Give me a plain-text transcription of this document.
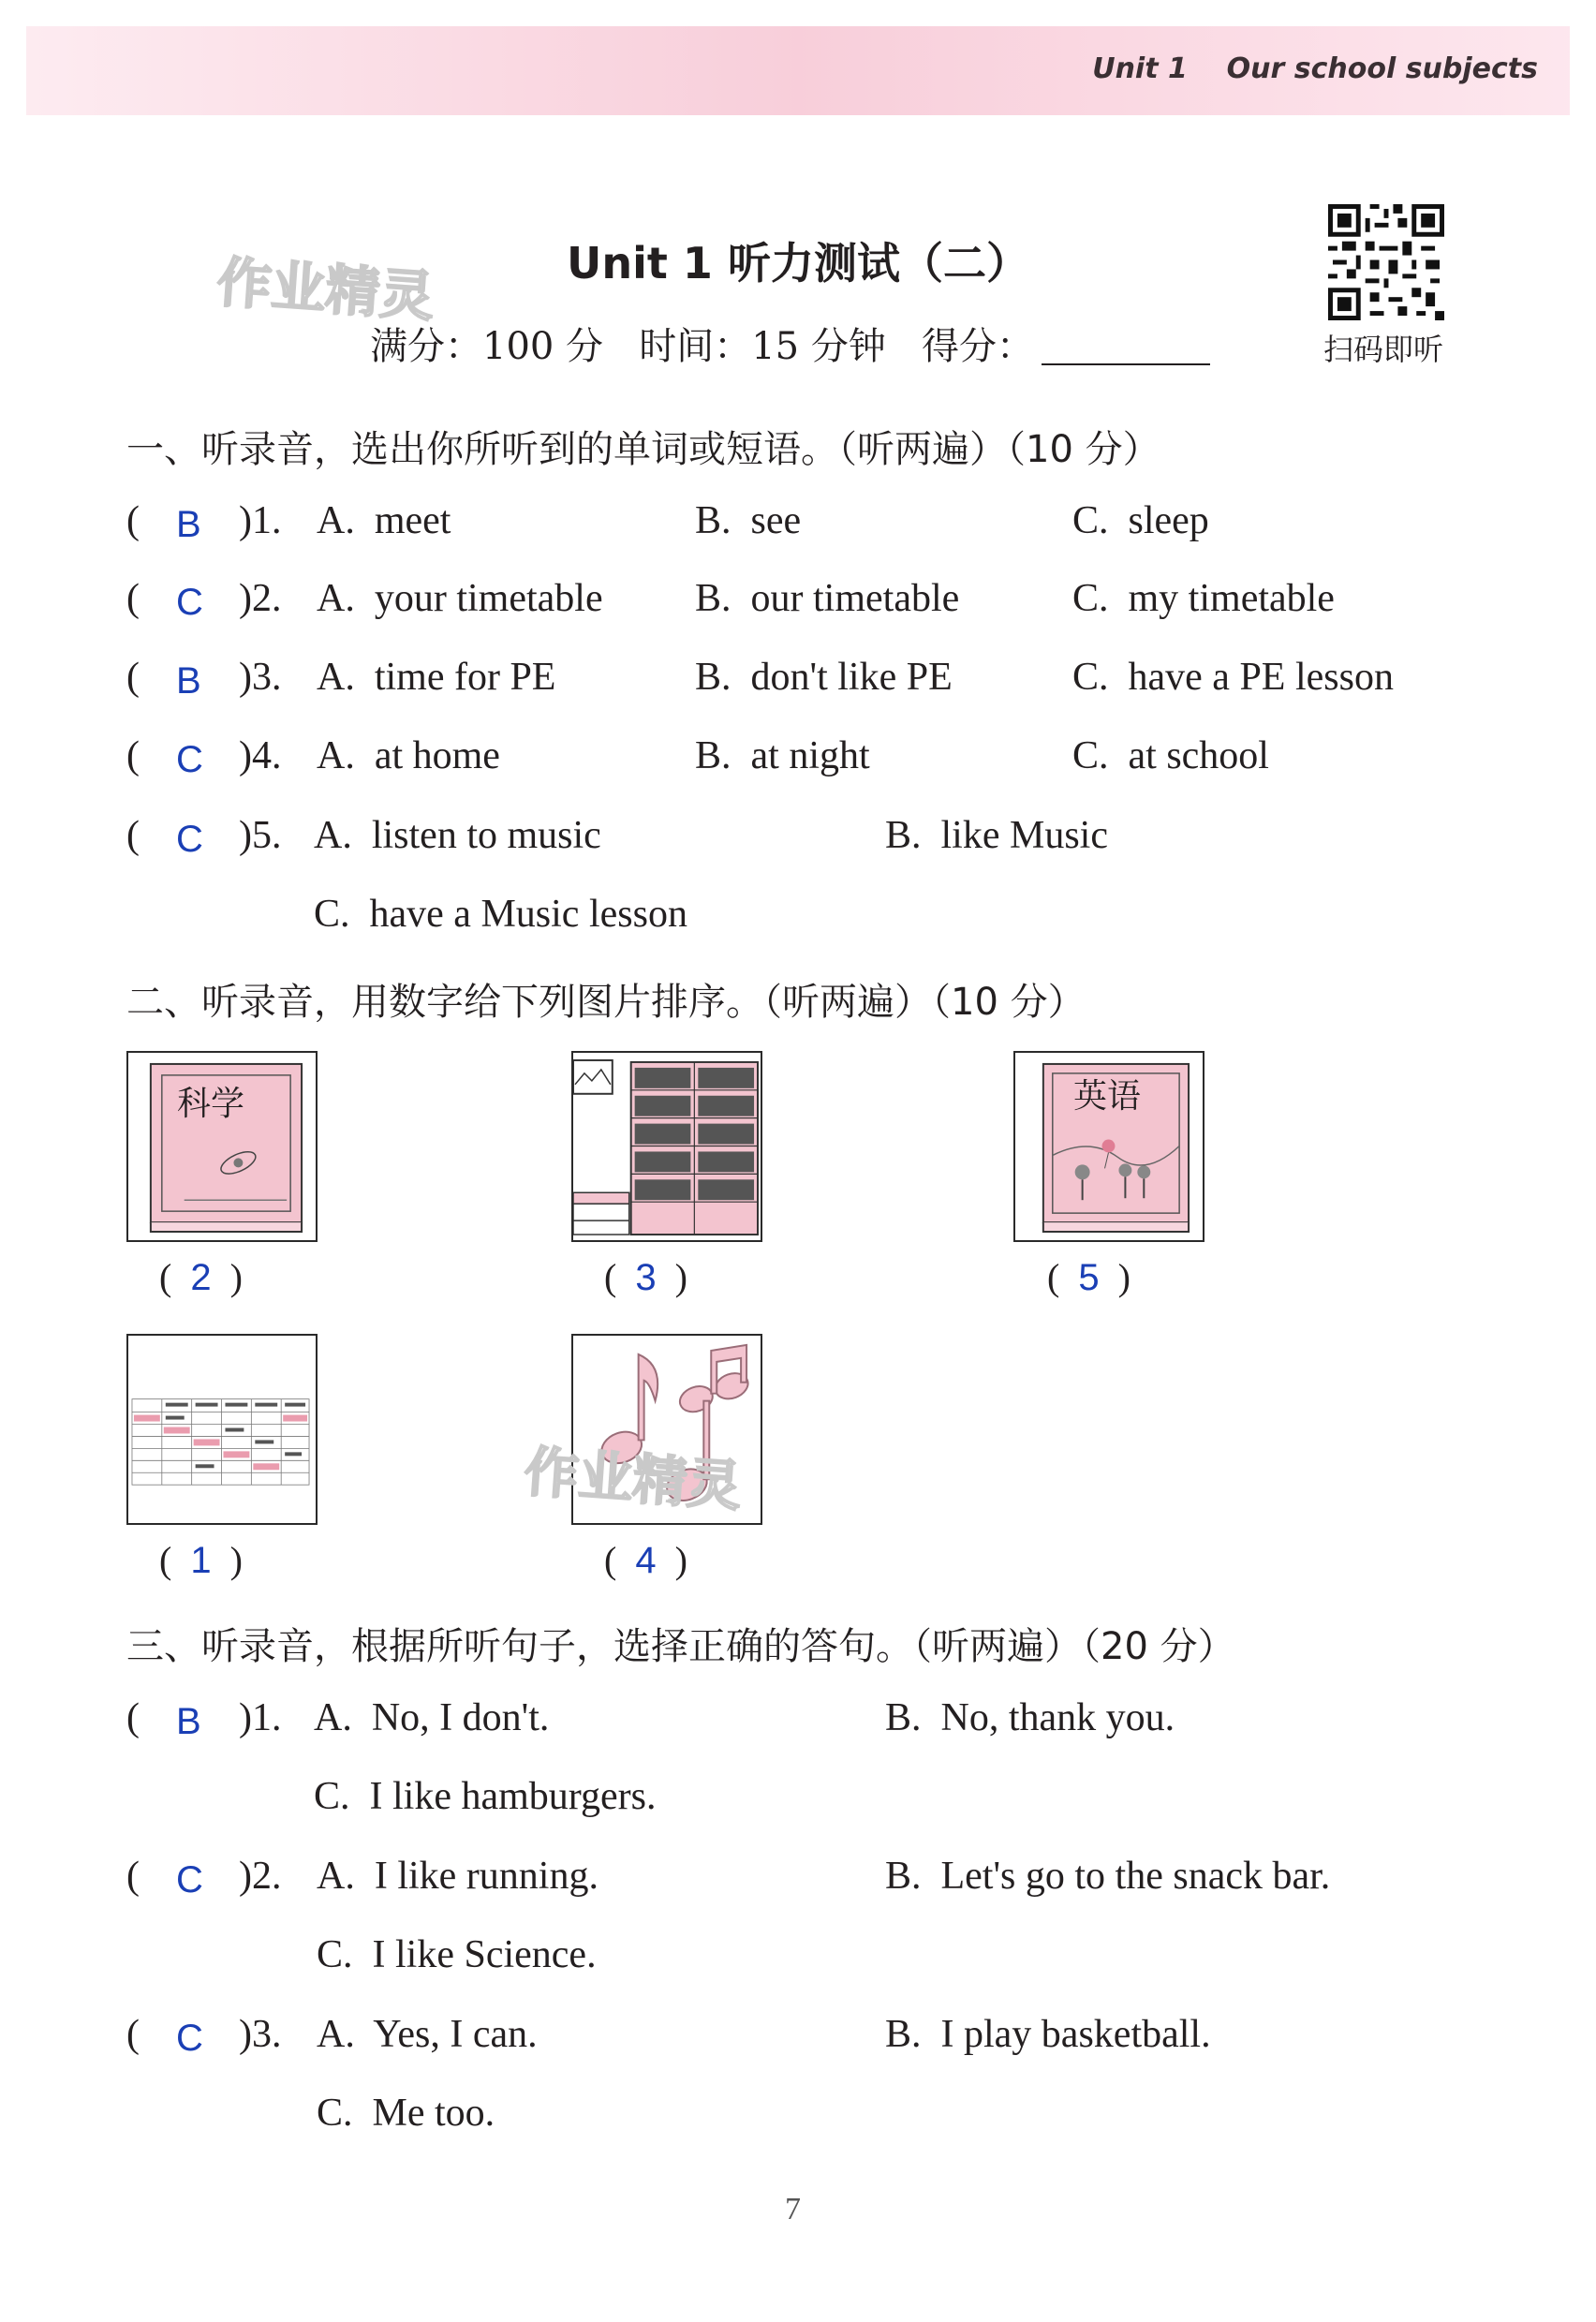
Unit 1 Our school subjects
作业精灵	Unit 1 听力测试（二）
扫码即听
满分：100 分 时间：15 分钟 得分：
一、听录音，选出你所听到的单词或短语。（听两遍）（10 分）
( B )1. A.  meet	B.  see	C.  sleep
( C )2. A.  your timetable B.  our timetable	C.  my timetable
( B )3. A.  time for PE	B.  don't like PE	C.  have a PE lesson
( C )4. A.  at home	B.  at night	C.  at school
( C )5. A.  listen to music	B.  like Music
C.  have a Music lesson
二、听录音，用数字给下列图片排序。（听两遍）（10 分）
科学
(  2  )	(  3  )
英语
(  5  )
(  1  )
作业精灵
(  4  )
三、听录音，根据所听句子，选择正确的答句。（听两遍）（20 分）
( B )1. A.  No, I don't.	B.  No, thank you.
C.  I like hamburgers.
( C )2. A.  I like running.	B.  Let's go to the snack bar.
C.  I like Science.
( C )3. A.  Yes, I can.	B.  I play basketball.
C.  Me too.
7
